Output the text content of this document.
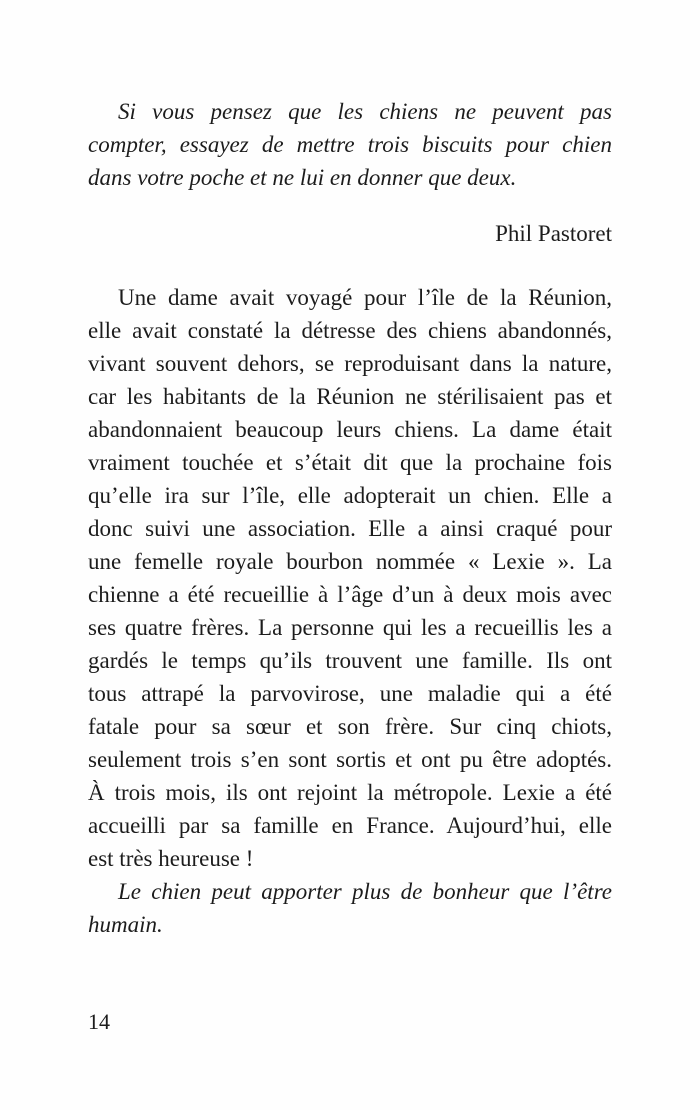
Si vous pensez que les chiens ne peuvent pas
compter, essayez de mettre trois biscuits pour chien
dans votre poche et ne lui en donner que deux.
Phil Pastoret
Une dame avait voyagé pour l’île de la Réunion,
elle avait constaté la détresse des chiens abandonnés,
vivant souvent dehors, se reproduisant dans la nature,
car les habitants de la Réunion ne stérilisaient pas et
abandonnaient beaucoup leurs chiens. La dame était
vraiment touchée et s’était dit que la prochaine fois
qu’elle ira sur l’île, elle adopterait un chien. Elle a
donc suivi une association. Elle a ainsi craqué pour
une femelle royale bourbon nommée « Lexie ». La
chienne a été recueillie à l’âge d’un à deux mois avec
ses quatre frères. La personne qui les a recueillis les a
gardés le temps qu’ils trouvent une famille. Ils ont
tous attrapé la parvovirose, une maladie qui a été
fatale pour sa sœur et son frère. Sur cinq chiots,
seulement trois s’en sont sortis et ont pu être adoptés.
À trois mois, ils ont rejoint la métropole. Lexie a été
accueilli par sa famille en France. Aujourd’hui, elle
est très heureuse !
Le chien peut apporter plus de bonheur que l’être
humain.
14
